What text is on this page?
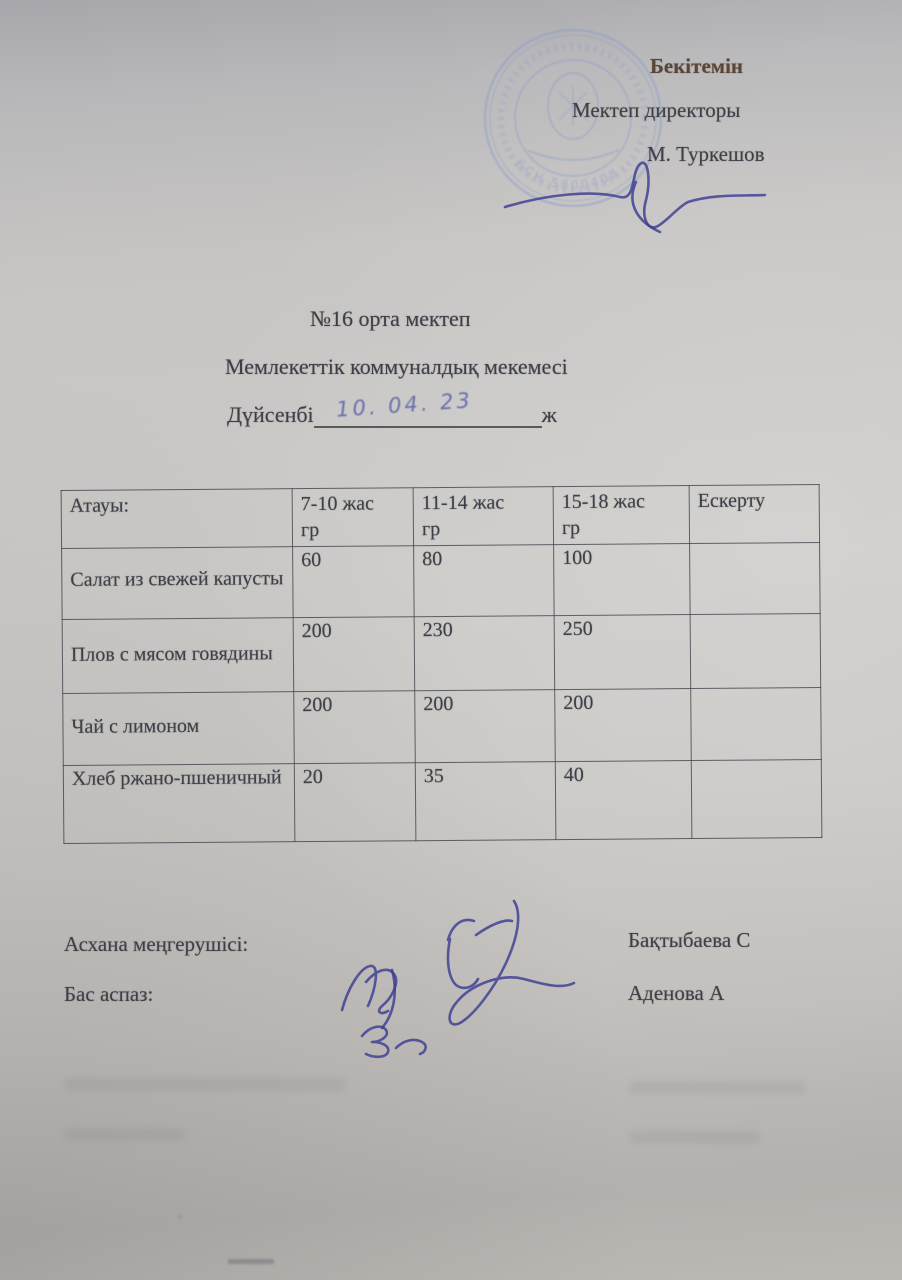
БСН 5800408
Бекітемін
Мектеп директоры
М. Туркешов
№16 орта мектеп
Мемлекеттік коммуналдық мекемесі
Дүйсенбі	ж
10. 04. 23
Атауы:	7-10 жас гр	11-14 жас гр	15-18 жас гр	Ескерту
Салат из свежей капусты	60	80	100	
Плов с мясом говядины	200	230	250	
Чай с лимоном	200	200	200	
Хлеб ржано-пшеничный	20	35	40	
Асхана меңгерушісі:	Бақтыбаева С
Бас аспаз:	Аденова А
